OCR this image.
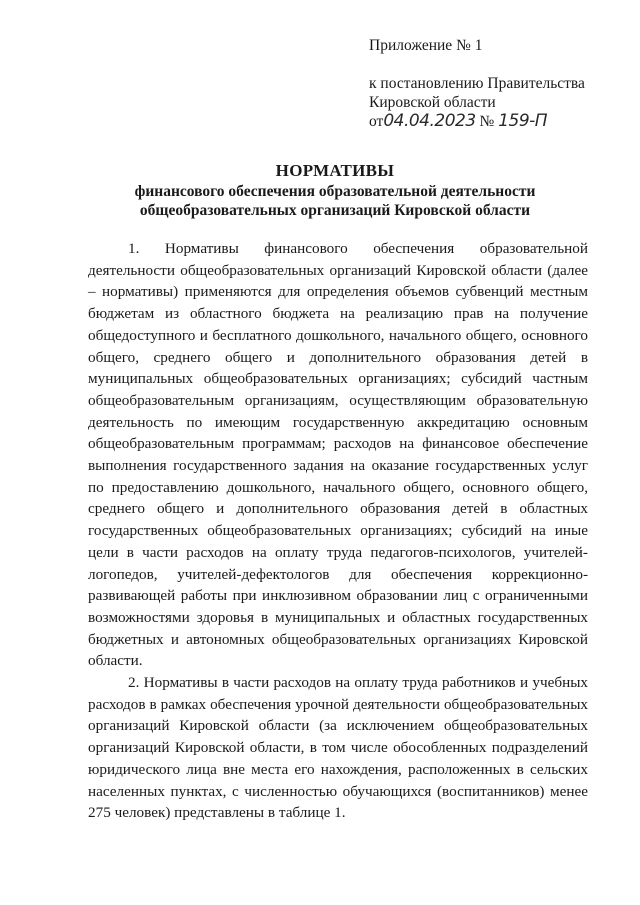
Приложение № 1
к постановлению Правительства
Кировской области
от04.04.2023 № 159-П
НОРМАТИВЫ
финансового обеспечения образовательной деятельности
общеобразовательных организаций Кировской области

1. Нормативы финансового обеспечения образовательной деятельности общеобразовательных организаций Кировской области (далее – нормативы) применяются для определения объемов субвенций местным бюджетам из областного бюджета на реализацию прав на получение общедоступного и бесплатного дошкольного, начального общего, основного общего, среднего общего и дополнительного образования детей в муниципальных общеобразовательных организациях; субсидий частным общеобразовательным организациям, осуществляющим образовательную деятельность по имеющим государственную аккредитацию основным общеобразовательным программам; расходов на финансовое обеспечение выполнения государственного задания на оказание государственных услуг по предоставлению дошкольного, начального общего, основного общего, среднего общего и дополнительного образования детей в областных государственных общеобразовательных организациях; субсидий на иные цели в части расходов на оплату труда педагогов-психологов, учителей-логопедов, учителей-дефектологов для обеспечения коррекционно-развивающей работы при инклюзивном образовании лиц с ограниченными возможностями здоровья в муниципальных и областных государственных бюджетных и автономных общеобразовательных организациях Кировской области.

2. Нормативы в части расходов на оплату труда работников и учебных расходов в рамках обеспечения урочной деятельности общеобразовательных организаций Кировской области (за исключением общеобразовательных организаций Кировской области, в том числе обособленных подразделений юридического лица вне места его нахождения, расположенных в сельских населенных пунктах, с численностью обучающихся (воспитанников) менее 275 человек) представлены в таблице 1.
